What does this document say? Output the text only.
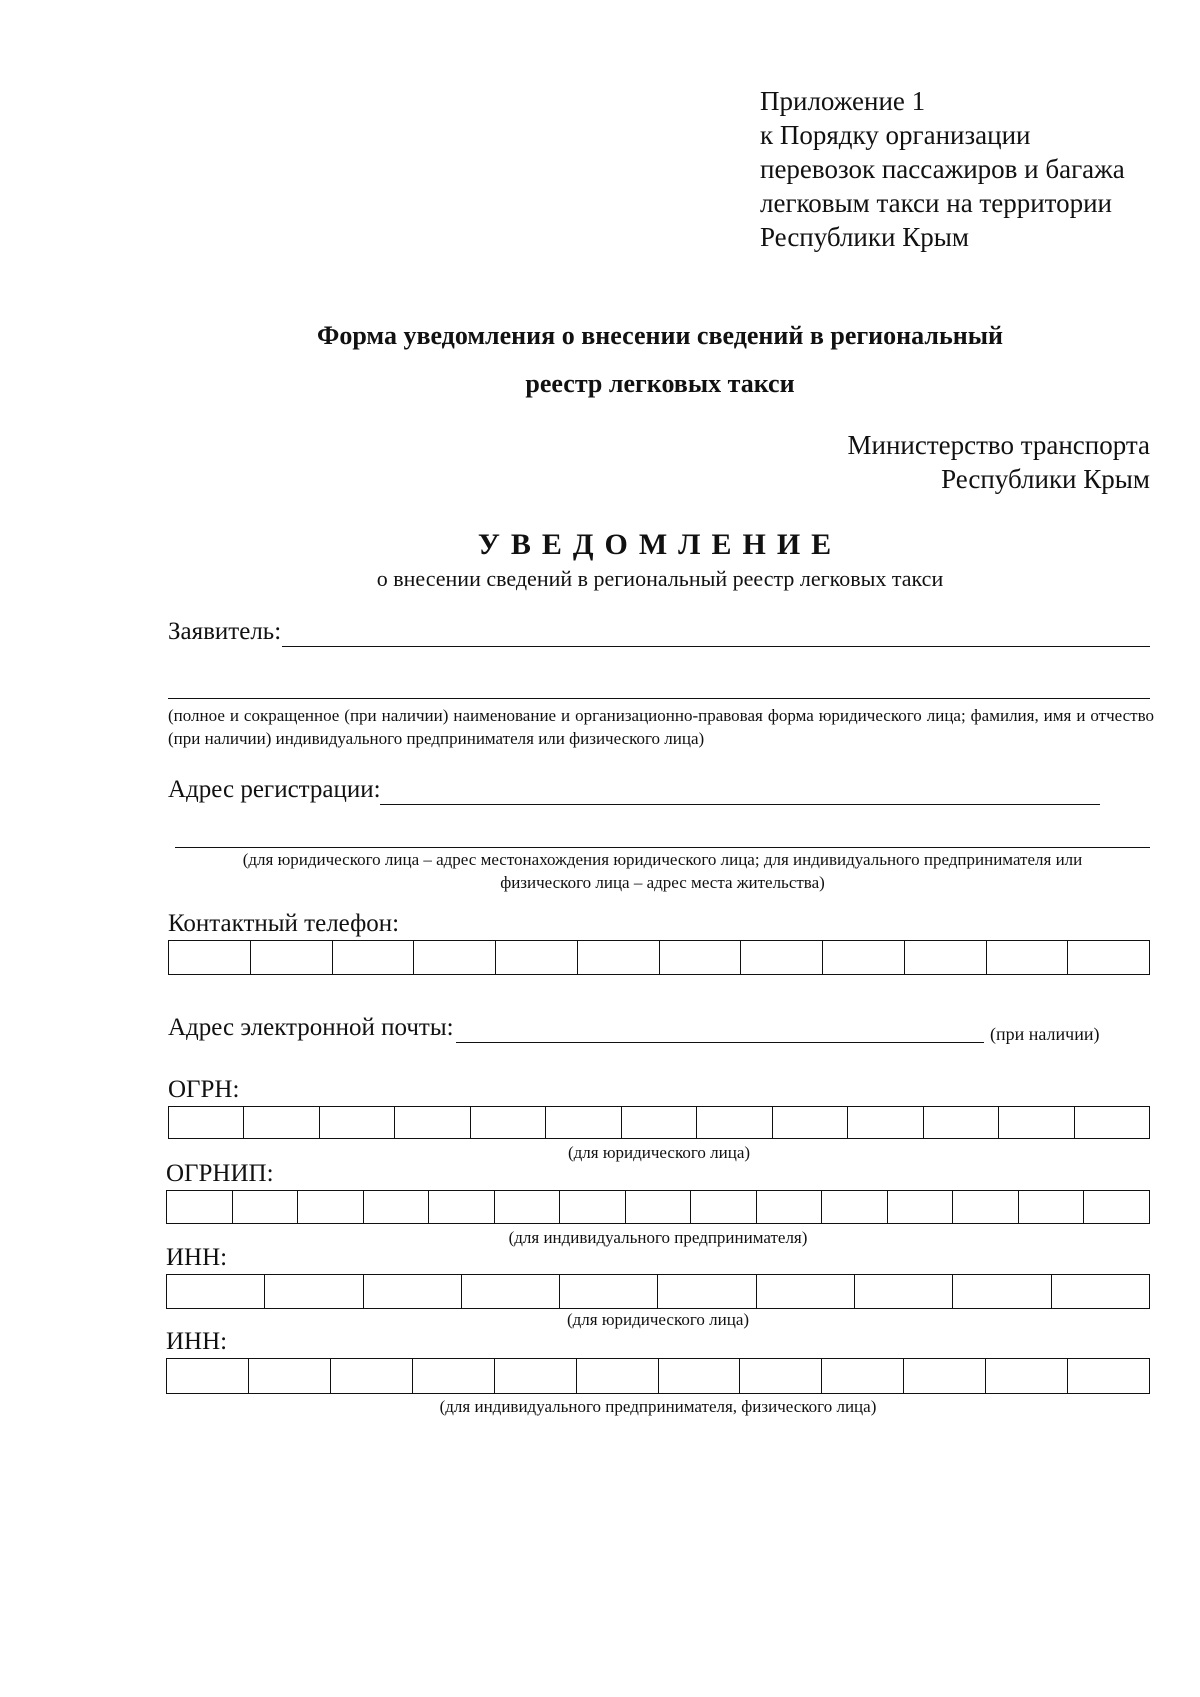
Приложение 1
к Порядку организации
перевозок пассажиров и багажа
легковым такси на территории
Республики Крым
Форма уведомления о внесении сведений в региональный
реестр легковых такси
Министерство транспорта
Республики Крым
УВЕДОМЛЕНИЕ
о внесении сведений в региональный реестр легковых такси
Заявитель:
(полное и сокращенное (при наличии) наименование и организационно-правовая форма юридического лица; фамилия, имя и отчество (при наличии) индивидуального предпринимателя или физического лица)
Адрес регистрации:
(для юридического лица – адрес местонахождения юридического лица; для индивидуального предпринимателя или
физического лица – адрес места жительства)
Контактный телефон:
Адрес электронной почты:	(при наличии)
ОГРН:
(для юридического лица)
ОГРНИП:
(для индивидуального предпринимателя)
ИНН:
(для юридического лица)
ИНН:
(для индивидуального предпринимателя, физического лица)
